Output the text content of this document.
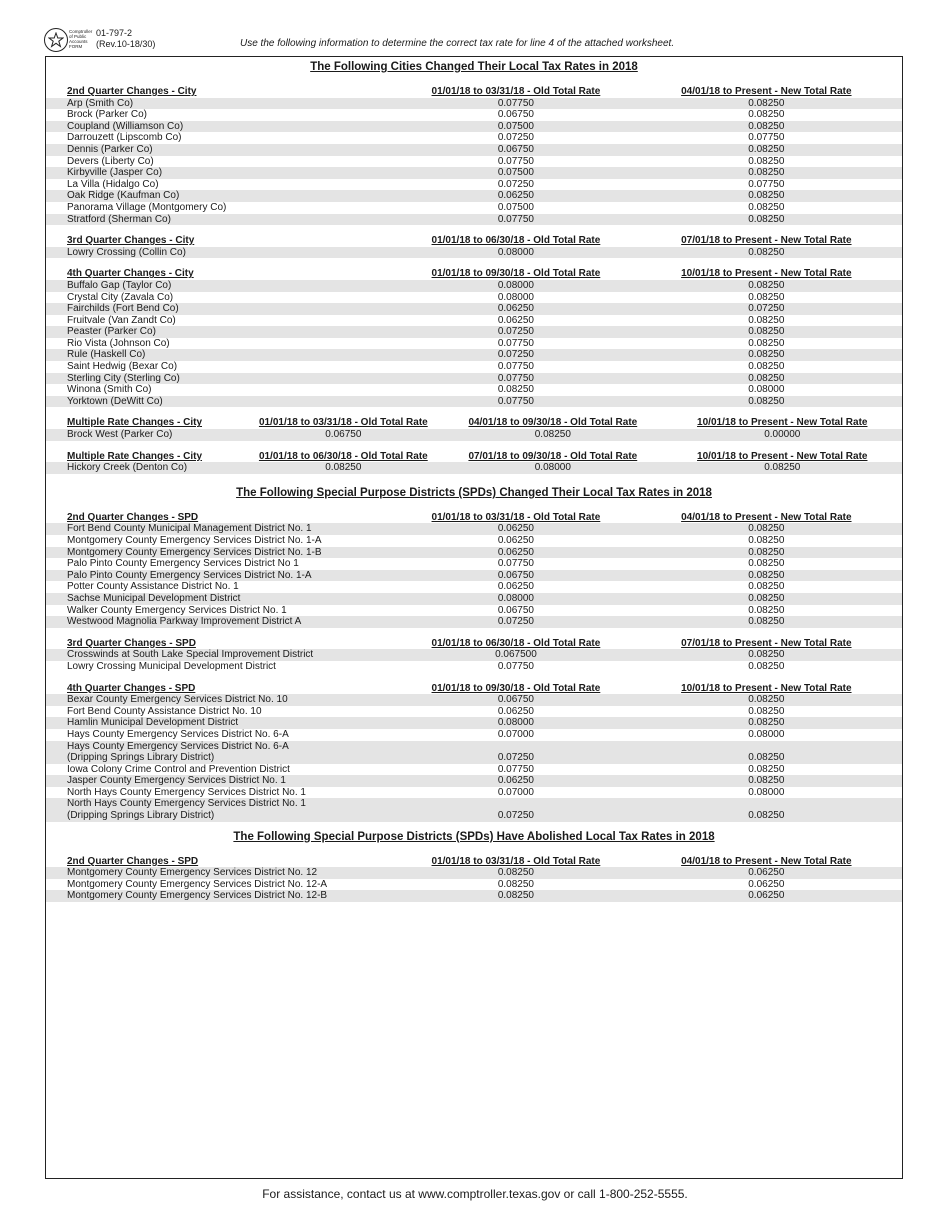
Comptroller of Public Accounts FORM
01-797-2
(Rev.10-18/30)	Use the following information to determine the correct tax rate for line 4 of the attached worksheet.
The Following Cities Changed Their Local Tax Rates in 2018
2nd Quarter Changes - City	01/01/18 to 03/31/18 - Old Total Rate	04/01/18 to Present - New Total Rate
Arp (Smith Co)	0.07750	0.08250
Brock (Parker Co)	0.06750	0.08250
Coupland (Williamson Co)	0.07500	0.08250
Darrouzett (Lipscomb Co)	0.07250	0.07750
Dennis (Parker Co)	0.06750	0.08250
Devers (Liberty Co)	0.07750	0.08250
Kirbyville (Jasper Co)	0.07500	0.08250
La Villa (Hidalgo Co)	0.07250	0.07750
Oak Ridge (Kaufman Co)	0.06250	0.08250
Panorama Village (Montgomery Co)	0.07500	0.08250
Stratford (Sherman Co)	0.07750	0.08250
3rd Quarter Changes - City	01/01/18 to 06/30/18 - Old Total Rate	07/01/18 to Present - New Total Rate
Lowry Crossing (Collin Co)	0.08000	0.08250
4th Quarter Changes - City	01/01/18 to 09/30/18 - Old Total Rate	10/01/18 to Present - New Total Rate
Buffalo Gap (Taylor Co)	0.08000	0.08250
Crystal City (Zavala Co)	0.08000	0.08250
Fairchilds (Fort Bend Co)	0.06250	0.07250
Fruitvale (Van Zandt Co)	0.06250	0.08250
Peaster (Parker Co)	0.07250	0.08250
Rio Vista (Johnson Co)	0.07750	0.08250
Rule (Haskell Co)	0.07250	0.08250
Saint Hedwig (Bexar Co)	0.07750	0.08250
Sterling City (Sterling Co)	0.07750	0.08250
Winona (Smith Co)	0.08250	0.08000
Yorktown (DeWitt Co)	0.07750	0.08250
Multiple Rate Changes - City	01/01/18 to 03/31/18 - Old Total Rate	04/01/18 to 09/30/18 - Old Total Rate	10/01/18 to Present - New Total Rate
Brock West (Parker Co)	0.06750	0.08250	0.00000
Multiple Rate Changes - City	01/01/18 to 06/30/18 - Old Total Rate	07/01/18 to 09/30/18 - Old Total Rate	10/01/18 to Present - New Total Rate
Hickory Creek (Denton Co)	0.08250	0.08000	0.08250
The Following Special Purpose Districts (SPDs) Changed Their Local Tax Rates in 2018
2nd Quarter Changes - SPD	01/01/18 to 03/31/18 - Old Total Rate	04/01/18 to Present - New Total Rate
Fort Bend County Municipal Management District No. 1	0.06250	0.08250
Montgomery County Emergency Services District No. 1-A	0.06250	0.08250
Montgomery County Emergency Services District No. 1-B	0.06250	0.08250
Palo Pinto County Emergency Services District No 1	0.07750	0.08250
Palo Pinto County Emergency Services District No. 1-A	0.06750	0.08250
Potter County Assistance District No. 1	0.06250	0.08250
Sachse Municipal Development District	0.08000	0.08250
Walker County Emergency Services District No. 1	0.06750	0.08250
Westwood Magnolia Parkway Improvement District A	0.07250	0.08250
3rd Quarter Changes - SPD	01/01/18 to 06/30/18 - Old Total Rate	07/01/18 to Present - New Total Rate
Crosswinds at South Lake Special Improvement District	0.067500	0.08250
Lowry Crossing Municipal Development District	0.07750	0.08250
4th Quarter Changes - SPD	01/01/18 to 09/30/18 - Old Total Rate	10/01/18 to Present - New Total Rate
Bexar County Emergency Services District No. 10	0.06750	0.08250
Fort Bend County Assistance District No. 10	0.06250	0.08250
Hamlin Municipal Development District	0.08000	0.08250
Hays County Emergency Services District No. 6-A	0.07000	0.08000
Hays County Emergency Services District No. 6-A
(Dripping Springs Library District)	0.07250	0.08250
Iowa Colony Crime Control and Prevention District	0.07750	0.08250
Jasper County Emergency Services District No. 1	0.06250	0.08250
North Hays County Emergency Services District No. 1	0.07000	0.08000
North Hays County Emergency Services District No. 1
(Dripping Springs Library District)	0.07250	0.08250
The Following Special Purpose Districts (SPDs) Have Abolished Local Tax Rates in 2018
2nd Quarter Changes - SPD	01/01/18 to 03/31/18 - Old Total Rate	04/01/18 to Present - New Total Rate
Montgomery County Emergency Services District No. 12	0.08250	0.06250
Montgomery County Emergency Services District No. 12-A	0.08250	0.06250
Montgomery County Emergency Services District No. 12-B	0.08250	0.06250
For assistance, contact us at www.comptroller.texas.gov or call 1-800-252-5555.
